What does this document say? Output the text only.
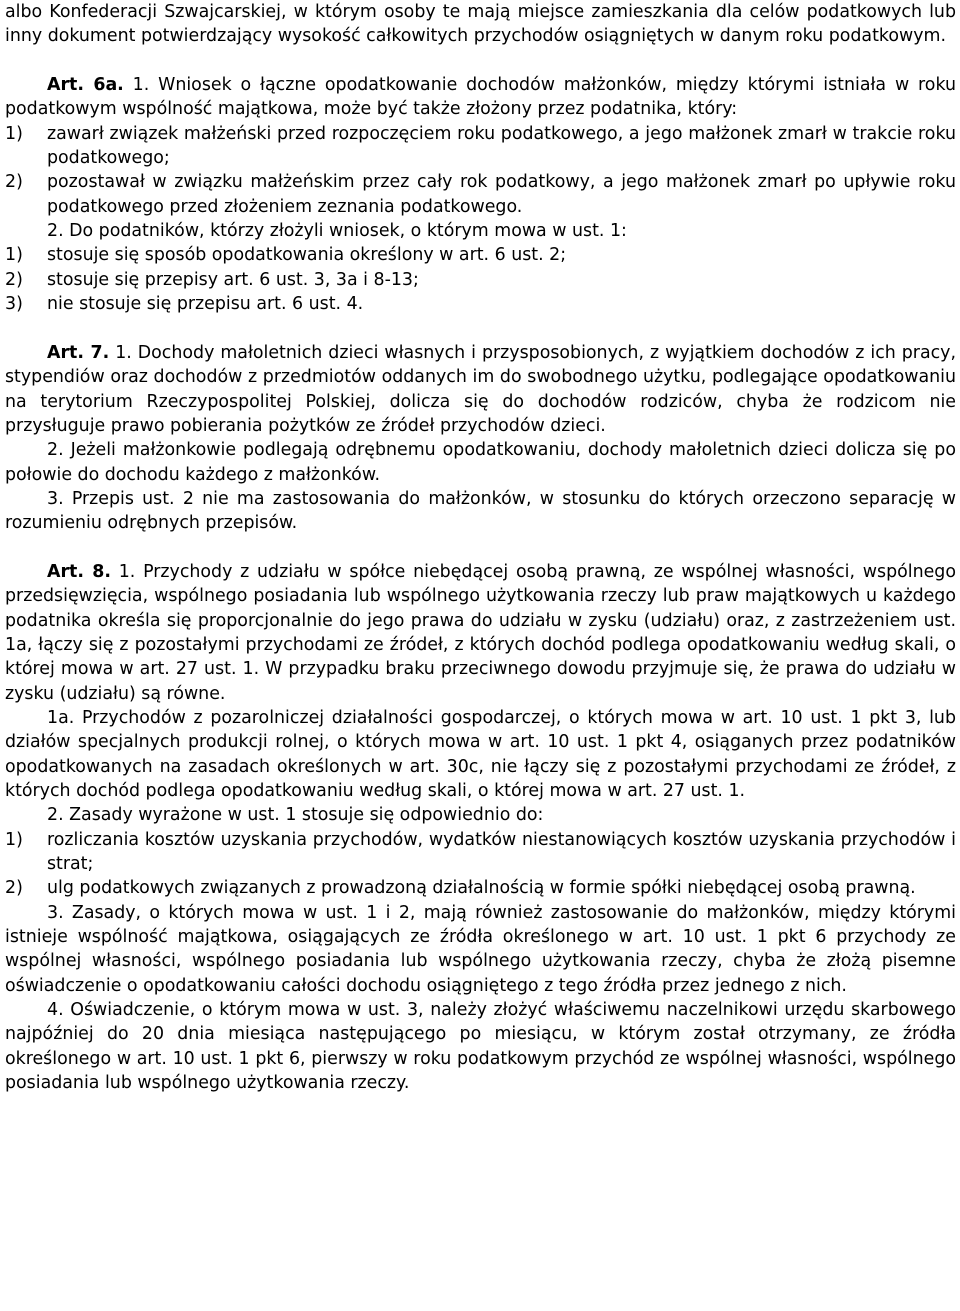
albo Konfederacji Szwajcarskiej, w którym osoby te mają miejsce zamieszkania dla celów podatkowych lub inny dokument potwierdzający wysokość całkowitych przychodów osiągniętych w danym roku podatkowym.

Art. 6a. 1. Wniosek o łączne opodatkowanie dochodów małżonków, między którymi istniała w roku podatkowym wspólność majątkowa, może być także złożony przez podatnika, który:

1)	zawarł związek małżeński przed rozpoczęciem roku podatkowego, a jego małżonek zmarł w trakcie roku podatkowego;
2)	pozostawał w związku małżeńskim przez cały rok podatkowy, a jego małżonek zmarł po upływie roku podatkowego przed złożeniem zeznania podatkowego.

2. Do podatników, którzy złożyli wniosek, o którym mowa w ust. 1:

1)	stosuje się sposób opodatkowania określony w art. 6 ust. 2;
2)	stosuje się przepisy art. 6 ust. 3, 3a i 8-13;
3)	nie stosuje się przepisu art. 6 ust. 4.

Art. 7. 1. Dochody małoletnich dzieci własnych i przysposobionych, z wyjątkiem dochodów z ich pracy, stypendiów oraz dochodów z przedmiotów oddanych im do swobodnego użytku, podlegające opodatkowaniu na terytorium Rzeczypospolitej Polskiej, dolicza się do dochodów rodziców, chyba że rodzicom nie przysługuje prawo pobierania pożytków ze źródeł przychodów dzieci.

2. Jeżeli małżonkowie podlegają odrębnemu opodatkowaniu, dochody małoletnich dzieci dolicza się po połowie do dochodu każdego z małżonków.

3. Przepis ust. 2 nie ma zastosowania do małżonków, w stosunku do których orzeczono separację w rozumieniu odrębnych przepisów.

Art. 8. 1. Przychody z udziału w spółce niebędącej osobą prawną, ze wspólnej własności, wspólnego przedsięwzięcia, wspólnego posiadania lub wspólnego użytkowania rzeczy lub praw majątkowych u każdego podatnika określa się proporcjonalnie do jego prawa do udziału w zysku (udziału) oraz, z zastrzeżeniem ust. 1a, łączy się z pozostałymi przychodami ze źródeł, z których dochód podlega opodatkowaniu według skali, o której mowa w art. 27 ust. 1. W przypadku braku przeciwnego dowodu przyjmuje się, że prawa do udziału w zysku (udziału) są równe.

1a. Przychodów z pozarolniczej działalności gospodarczej, o których mowa w art. 10 ust. 1 pkt 3, lub działów specjalnych produkcji rolnej, o których mowa w art. 10 ust. 1 pkt 4, osiąganych przez podatników opodatkowanych na zasadach określonych w art. 30c, nie łączy się z pozostałymi przychodami ze źródeł, z których dochód podlega opodatkowaniu według skali, o której mowa w art. 27 ust. 1.

2. Zasady wyrażone w ust. 1 stosuje się odpowiednio do:

1)	rozliczania kosztów uzyskania przychodów, wydatków niestanowiących kosztów uzyskania przychodów i strat;
2)	ulg podatkowych związanych z prowadzoną działalnością w formie spółki niebędącej osobą prawną.

3. Zasady, o których mowa w ust. 1 i 2, mają również zastosowanie do małżonków, między którymi istnieje wspólność majątkowa, osiągających ze źródła określonego w art. 10 ust. 1 pkt 6 przychody ze wspólnej własności, wspólnego posiadania lub wspólnego użytkowania rzeczy, chyba że złożą pisemne oświadczenie o opodatkowaniu całości dochodu osiągniętego z tego źródła przez jednego z nich.

4. Oświadczenie, o którym mowa w ust. 3, należy złożyć właściwemu naczelnikowi urzędu skarbowego najpóźniej do 20 dnia miesiąca następującego po miesiącu, w którym został otrzymany, ze źródła określonego w art. 10 ust. 1 pkt 6, pierwszy w roku podatkowym przychód ze wspólnej własności, wspólnego posiadania lub wspólnego użytkowania rzeczy.
